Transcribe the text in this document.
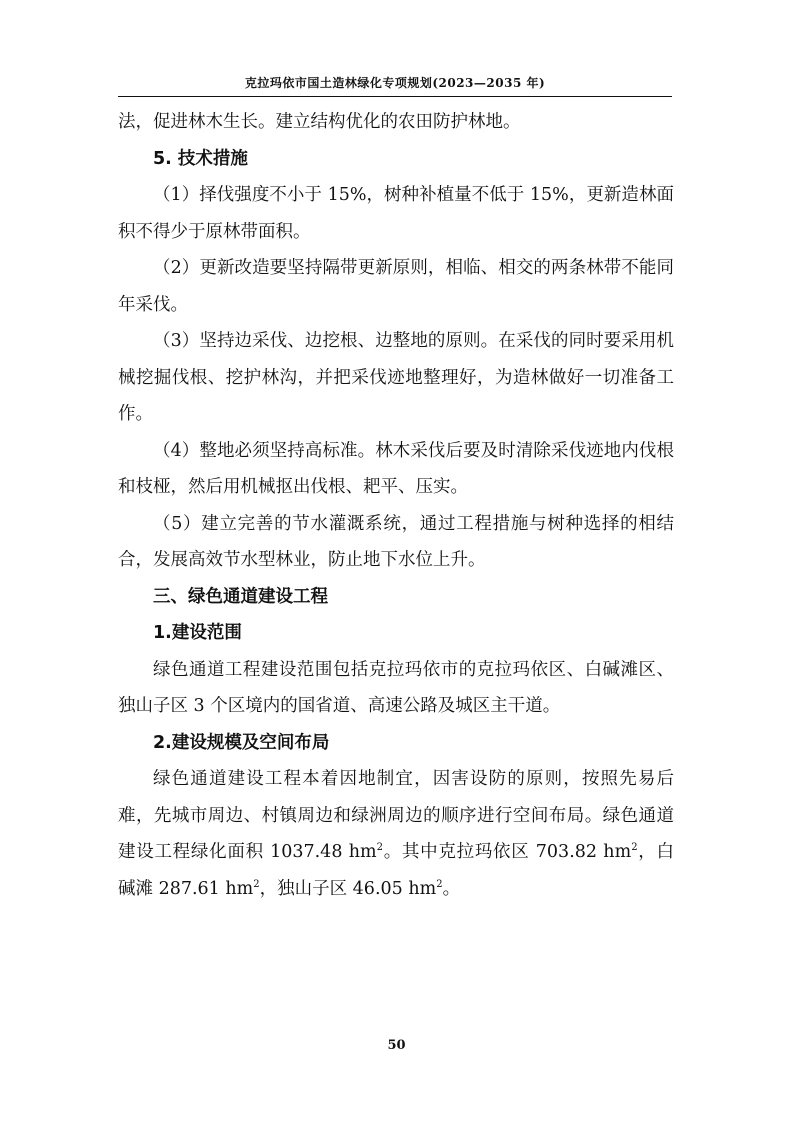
克拉玛依市国土造林绿化专项规划(2023—2035 年)

法，促进林木生长。建立结构优化的农田防护林地。

5. 技术措施

（1）择伐强度不小于 15%，树种补植量不低于 15%，更新造林面积不得少于原林带面积。

（2）更新改造要坚持隔带更新原则，相临、相交的两条林带不能同年采伐。

（3）坚持边采伐、边挖根、边整地的原则。在采伐的同时要采用机械挖掘伐根、挖护林沟，并把采伐迹地整理好，为造林做好一切准备工作。

（4）整地必须坚持高标准。林木采伐后要及时清除采伐迹地内伐根和枝桠，然后用机械抠出伐根、耙平、压实。

（5）建立完善的节水灌溉系统，通过工程措施与树种选择的相结合，发展高效节水型林业，防止地下水位上升。

三、绿色通道建设工程

1.建设范围

绿色通道工程建设范围包括克拉玛依市的克拉玛依区、白碱滩区、独山子区 3 个区境内的国省道、高速公路及城区主干道。

2.建设规模及空间布局

绿色通道建设工程本着因地制宜，因害设防的原则，按照先易后难，先城市周边、村镇周边和绿洲周边的顺序进行空间布局。绿色通道建设工程绿化面积 1037.48 $hm^2$。其中克拉玛依区 703.82 $hm^2$，白碱滩 287.61 $hm^2$，独山子区 46.05 $hm^2$。

50
